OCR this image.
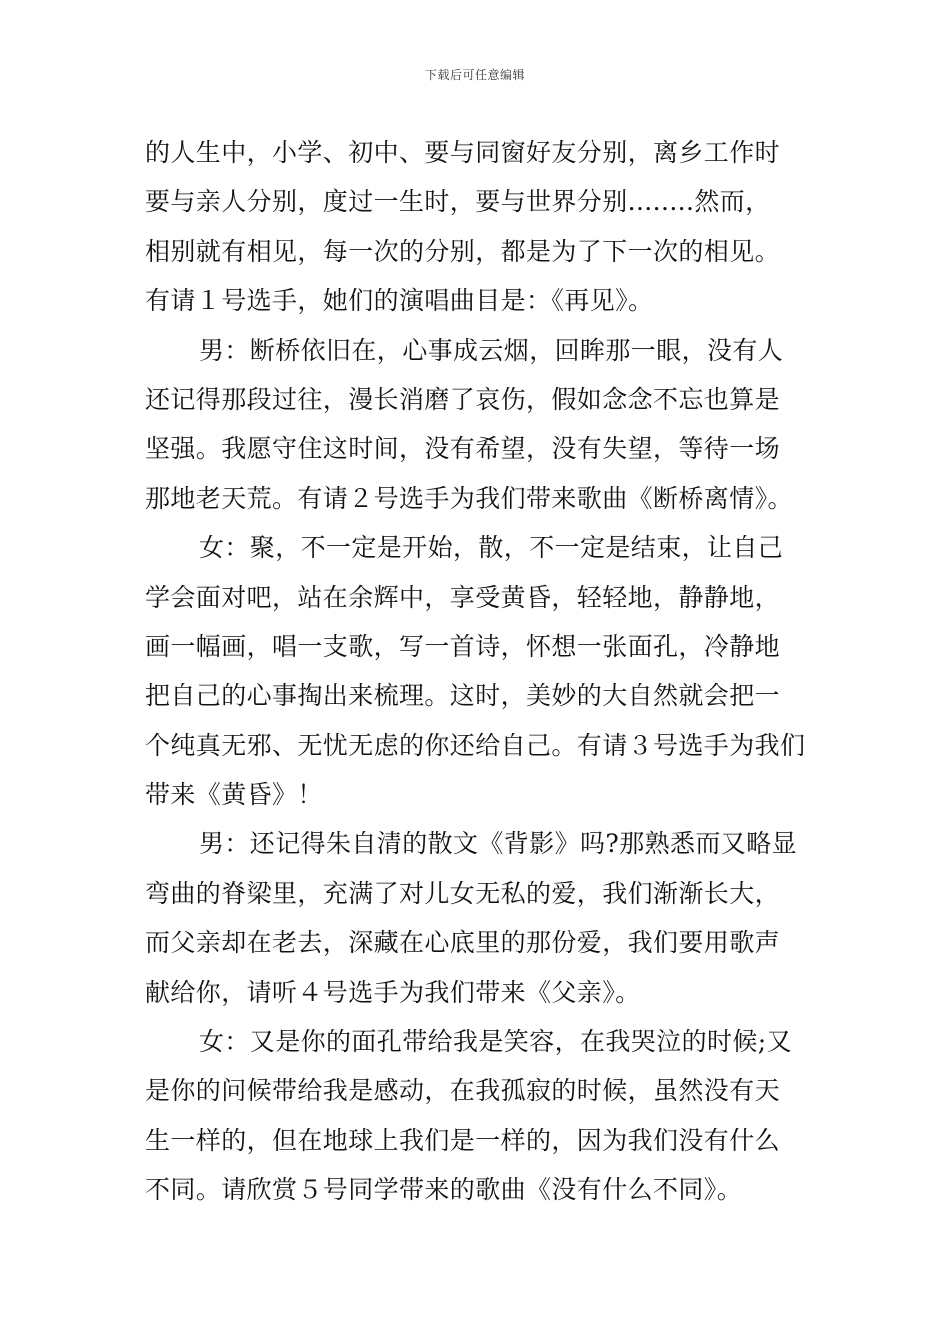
下载后可任意编辑
的人生中，小学、初中、要与同窗好友分别，离乡工作时
要与亲人分别，度过一生时，要与世界分别........然而，
相别就有相见，每一次的分别，都是为了下一次的相见。
有请１号选手，她们的演唱曲目是：《再见》。
男：断桥依旧在，心事成云烟，回眸那一眼，没有人
还记得那段过往，漫长消磨了哀伤，假如念念不忘也算是
坚强。我愿守住这时间，没有希望，没有失望，等待一场
那地老天荒。有请２号选手为我们带来歌曲《断桥离情》。
女：聚，不一定是开始，散，不一定是结束，让自己
学会面对吧，站在余辉中，享受黄昏，轻轻地，静静地，
画一幅画，唱一支歌，写一首诗，怀想一张面孔，冷静地
把自己的心事掏出来梳理。这时，美妙的大自然就会把一
个纯真无邪、无忧无虑的你还给自己。有请３号选手为我们
带来《黄昏》！
男：还记得朱自清的散文《背影》吗?那熟悉而又略显
弯曲的脊梁里，充满了对儿女无私的爱，我们渐渐长大，
而父亲却在老去，深藏在心底里的那份爱，我们要用歌声
献给你，请听４号选手为我们带来《父亲》。
女：又是你的面孔带给我是笑容，在我哭泣的时候;又
是你的问候带给我是感动，在我孤寂的时候，虽然没有天
生一样的，但在地球上我们是一样的，因为我们没有什么
不同。请欣赏５号同学带来的歌曲《没有什么不同》。
